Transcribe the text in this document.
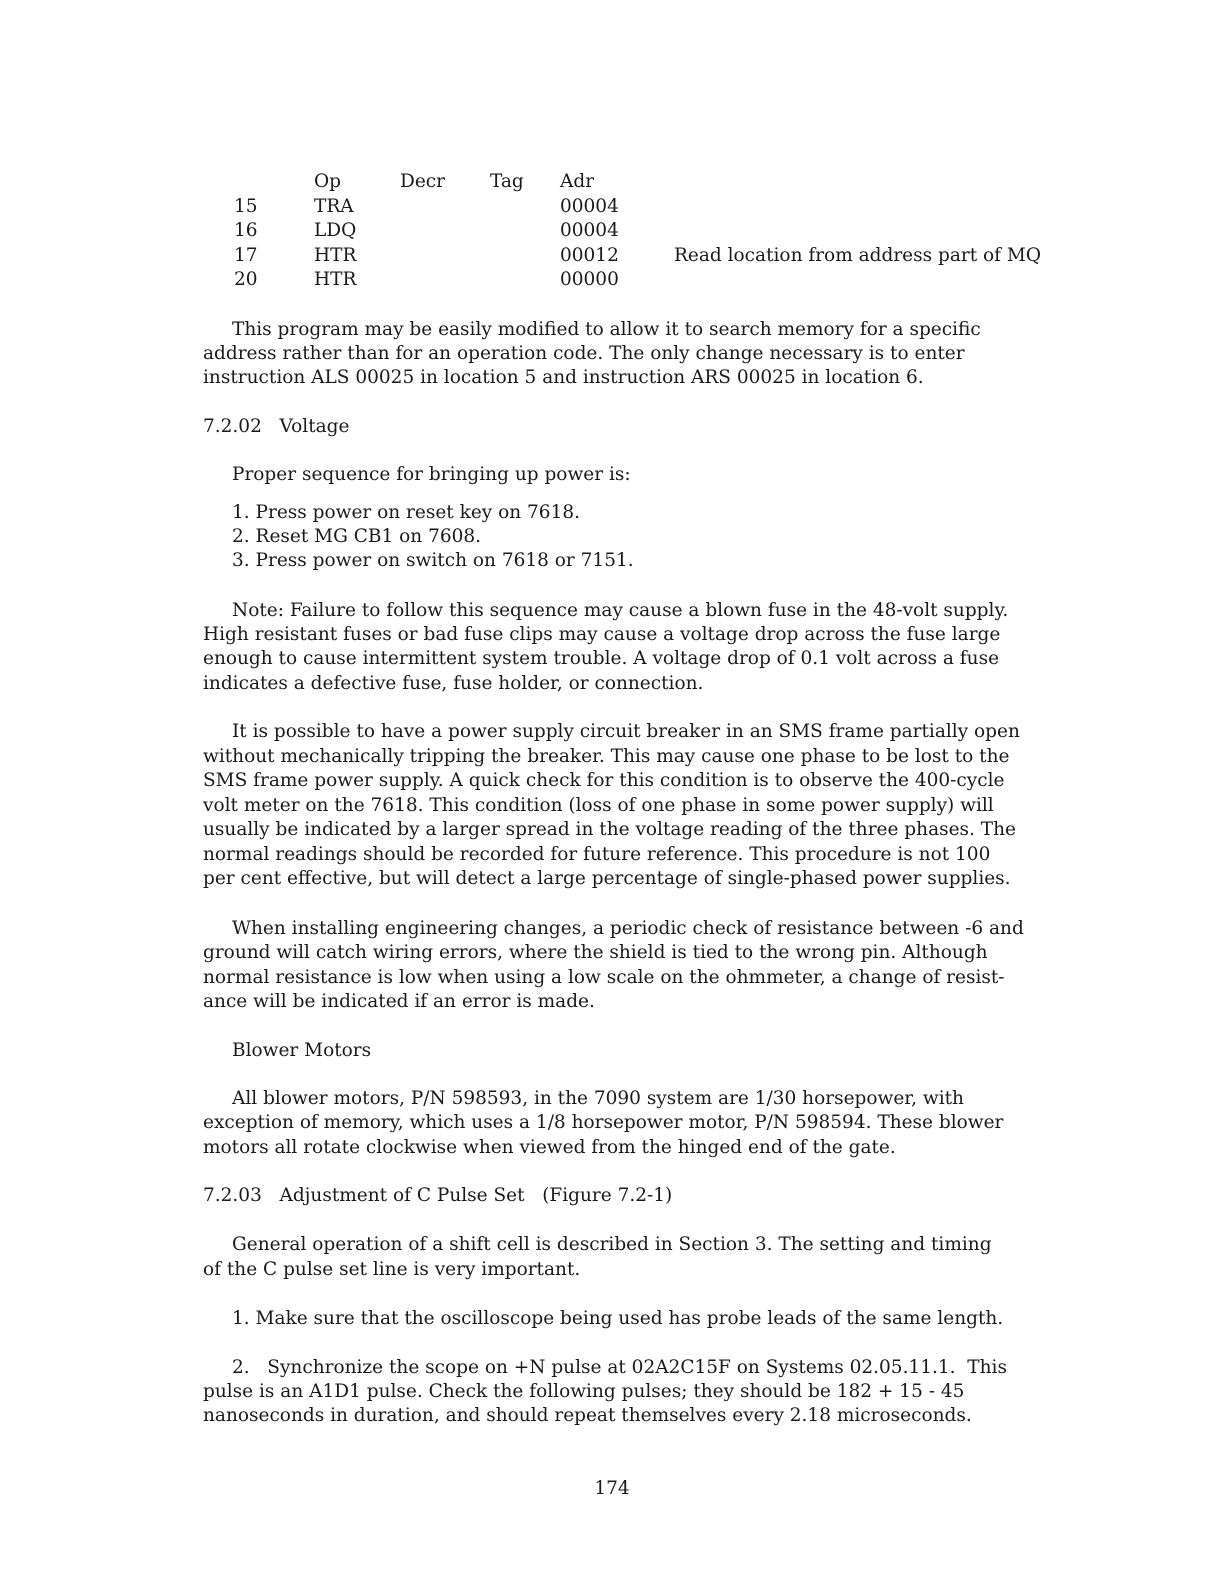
	Op	Decr	Tag	Adr	
15	TRA			00004	
16	LDQ			00004	
17	HTR			00012	Read location from address part of MQ
20	HTR			00000	
This program may be easily modified to allow it to search memory for a specific
address rather than for an operation code. The only change necessary is to enter
instruction ALS 00025 in location 5 and instruction ARS 00025 in location 6.
7.2.02   Voltage
Proper sequence for bringing up power is:
1. Press power on reset key on 7618.
2. Reset MG CB1 on 7608.
3. Press power on switch on 7618 or 7151.
Note: Failure to follow this sequence may cause a blown fuse in the 48-volt supply.
High resistant fuses or bad fuse clips may cause a voltage drop across the fuse large
enough to cause intermittent system trouble. A voltage drop of 0.1 volt across a fuse
indicates a defective fuse, fuse holder, or connection.
It is possible to have a power supply circuit breaker in an SMS frame partially open
without mechanically tripping the breaker. This may cause one phase to be lost to the
SMS frame power supply. A quick check for this condition is to observe the 400-cycle
volt meter on the 7618. This condition (loss of one phase in some power supply) will
usually be indicated by a larger spread in the voltage reading of the three phases. The
normal readings should be recorded for future reference. This procedure is not 100
per cent effective, but will detect a large percentage of single-phased power supplies.
When installing engineering changes, a periodic check of resistance between -6 and
ground will catch wiring errors, where the shield is tied to the wrong pin. Although
normal resistance is low when using a low scale on the ohmmeter, a change of resist-
ance will be indicated if an error is made.
Blower Motors
All blower motors, P/N 598593, in the 7090 system are 1/30 horsepower, with
exception of memory, which uses a 1/8 horsepower motor, P/N 598594. These blower
motors all rotate clockwise when viewed from the hinged end of the gate.
7.2.03   Adjustment of C Pulse Set   (Figure 7.2-1)
General operation of a shift cell is described in Section 3. The setting and timing
of the C pulse set line is very important.
1. Make sure that the oscilloscope being used has probe leads of the same length.
2.   Synchronize the scope on +N pulse at 02A2C15F on Systems 02.05.11.1.  This
pulse is an A1D1 pulse. Check the following pulses; they should be 182 + 15 - 45
nanoseconds in duration, and should repeat themselves every 2.18 microseconds.
174
